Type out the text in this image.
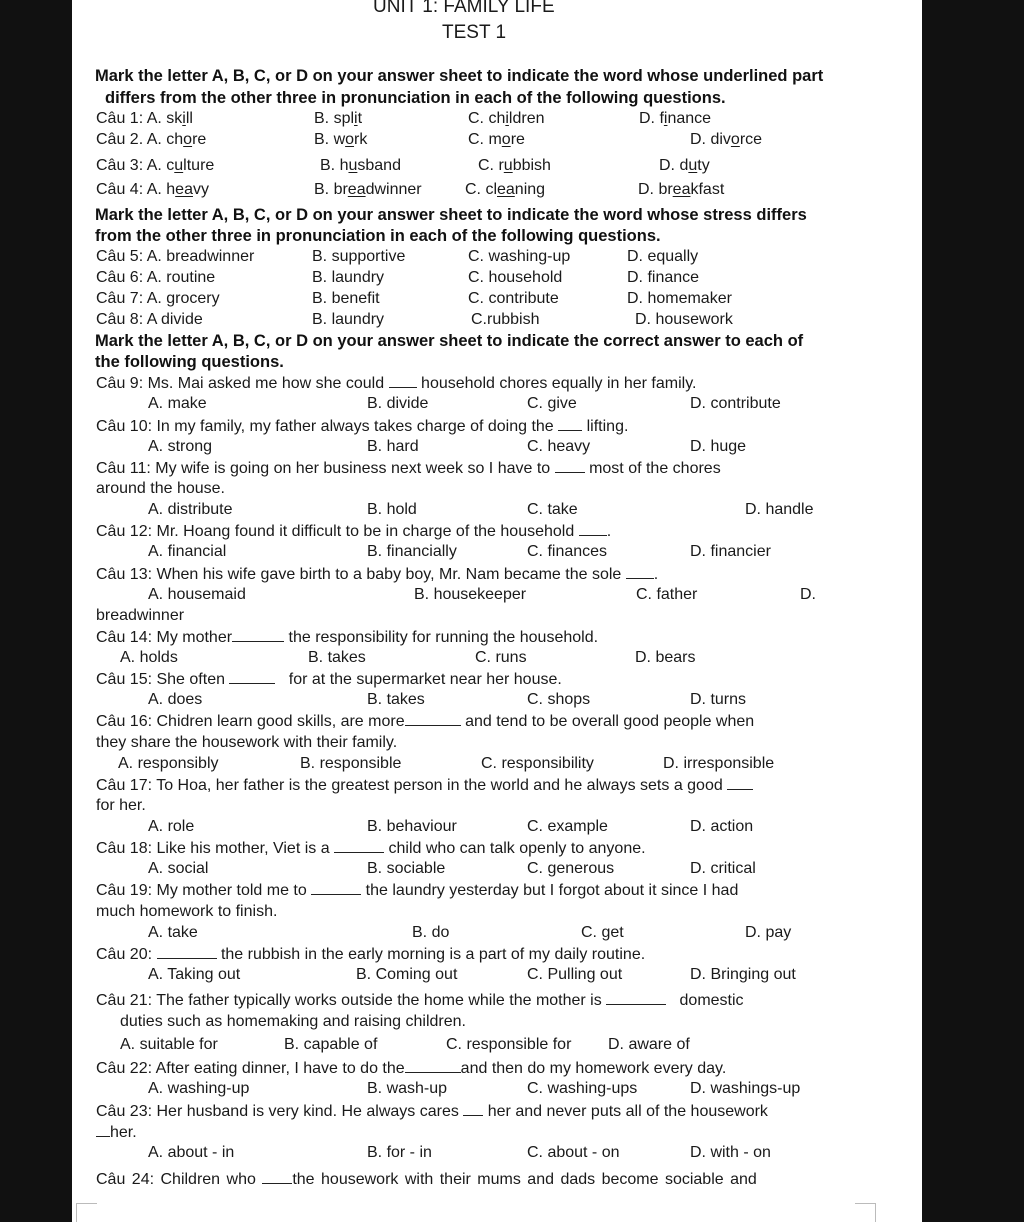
UNIT 1: FAMILY LIFE
TEST 1
Mark the letter A, B, C, or D on your answer sheet to indicate the word whose underlined part
differs from the other three in pronunciation in each of the following questions.
Câu 1: A. skill	B. split	C. children	D. finance
Câu 2. A. chore	B. work	C. more	D. divorce
Câu 3: A. culture	B. husband	C. rubbish	D. duty
Câu 4: A. heavy	B. breadwinner	C. cleaning	D. breakfast
Mark the letter A, B, C, or D on your answer sheet to indicate the word whose stress differs
from the other three in pronunciation in each of the following questions.
Câu 5: A. breadwinner	B. supportive	C. washing-up	D. equally
Câu 6: A. routine	B. laundry	C. household	D. finance
Câu 7: A. grocery	B. benefit	C. contribute	D. homemaker
Câu 8: A divide	B. laundry	C.rubbish	D. housework
Mark the letter A, B, C, or D on your answer sheet to indicate the correct answer to each of
the following questions.
Câu 9: Ms. Mai asked me how she could household chores equally in her family.
A. make	B. divide	C. give	D. contribute
Câu 10: In my family, my father always takes charge of doing the lifting.
A. strong	B. hard	C. heavy	D. huge
Câu 11: My wife is going on her business next week so I have to most of the chores
around the house.
A. distribute	B. hold	C. take	D. handle
Câu 12: Mr. Hoang found it difficult to be in charge of the household .
A. financial	B. financially	C. finances	D. financier
Câu 13: When his wife gave birth to a baby boy, Mr. Nam became the sole .
A. housemaid	B. housekeeper	C. father	D.
breadwinner
Câu 14: My mother	the responsibility for running the household.
A. holds	B. takes	C. runs	D. bears
Câu 15: She often	for at the supermarket near her house.
A. does	B. takes	C. shops	D. turns
Câu 16: Chidren learn good skills, are more	and tend to be overall good people when
they share the housework with their family.
A. responsibly	B. responsible	C. responsibility	D. irresponsible
Câu 17: To Hoa, her father is the greatest person in the world and he always sets a good
for her.
A. role	B. behaviour	C. example	D. action
Câu 18: Like his mother, Viet is a	child who can talk openly to anyone.
A. social	B. sociable	C. generous	D. critical
Câu 19: My mother told me to	the laundry yesterday but I forgot about it since I had
much homework to finish.
A. take	B. do	C. get	D. pay
Câu 20:	the rubbish in the early morning is a part of my daily routine.
A. Taking out	B. Coming out	C. Pulling out	D. Bringing out
Câu 21: The father typically works outside the home while the mother is	domestic
duties such as homemaking and raising children.
A. suitable for	B. capable of	C. responsible for D. aware of
Câu 22: After eating dinner, I have to do the	and then do my homework every day.
A. washing-up	B. wash-up	C. washing-ups	D. washings-up
Câu 23: Her husband is very kind. He always cares her and never puts all of the housework
her.
A. about - in	B. for - in	C. about - on	D. with - on
Câu 24: Children who the housework with their mums and dads become sociable and
